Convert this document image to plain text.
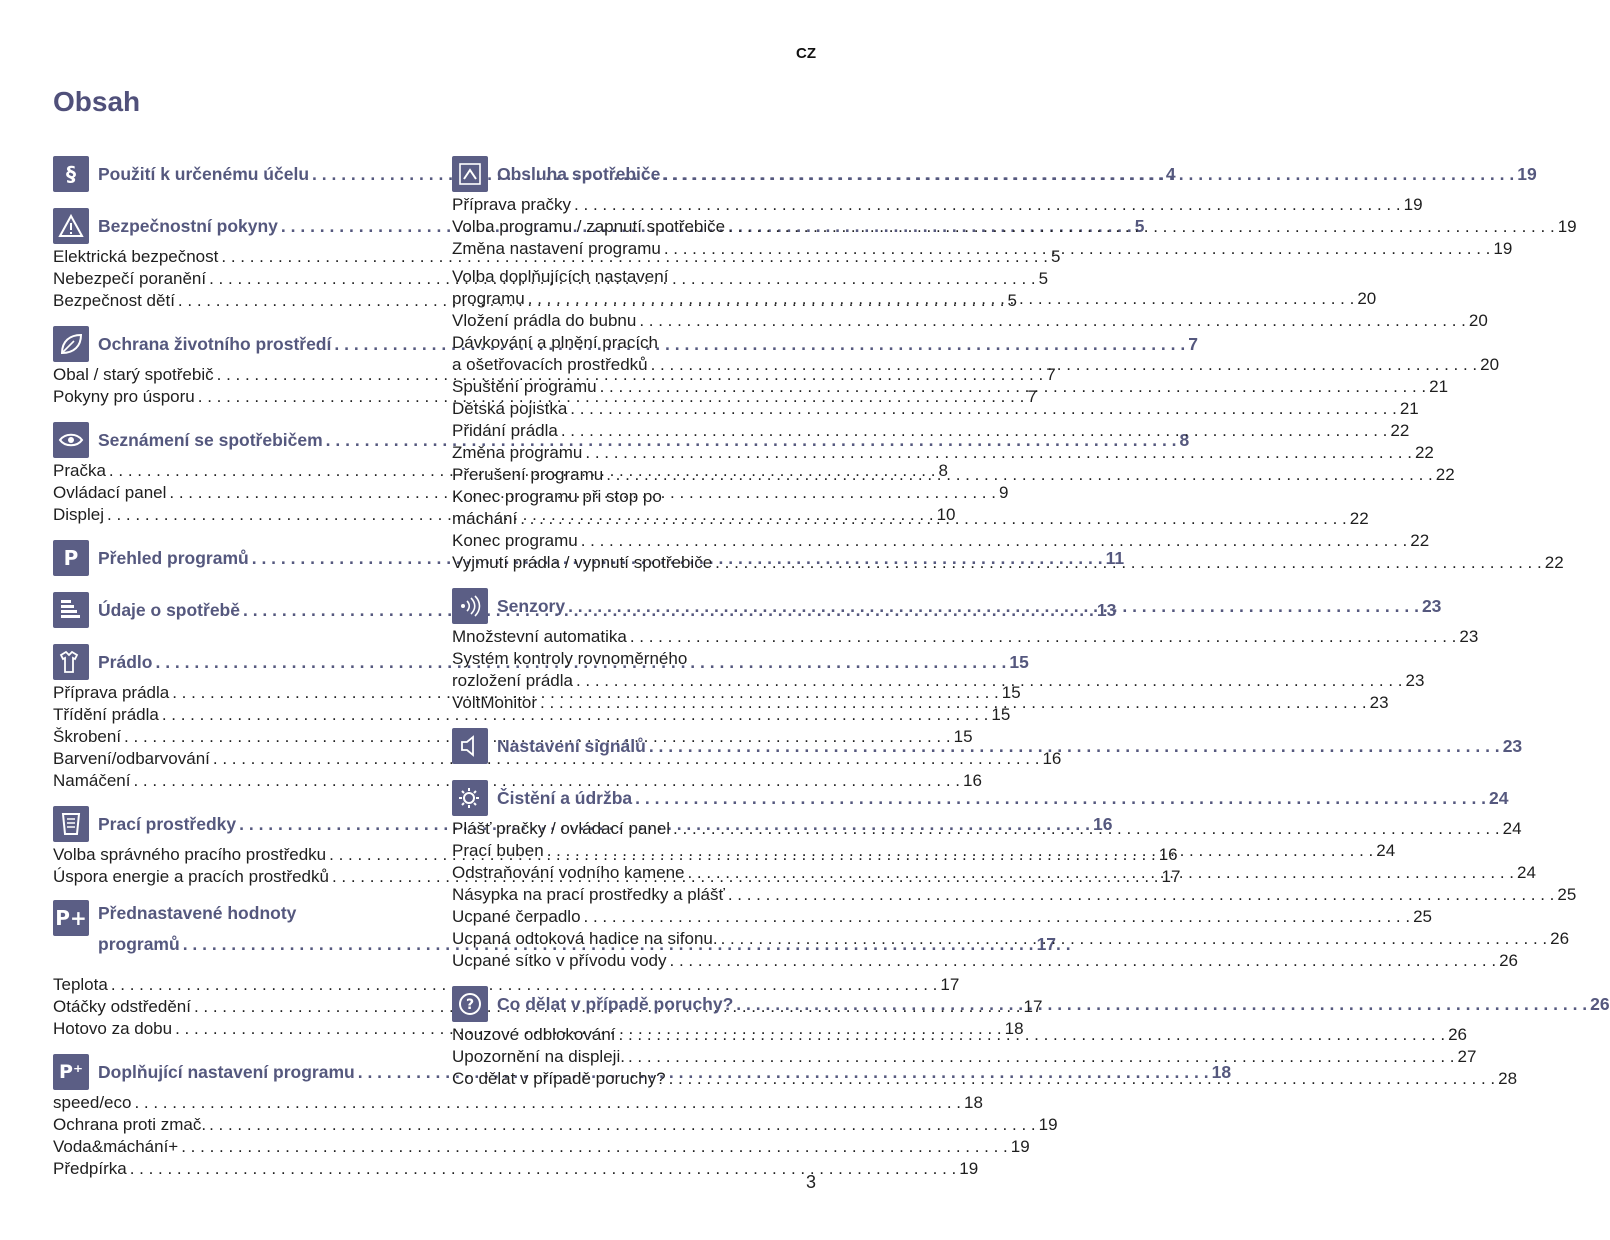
CZ
Obsah
§ Použití k určenému účelu . . .	4
Bezpečnostní pokyny . . .	5
Elektrická bezpečnost . . .	5
Nebezpečí poranění . . .	5
Bezpečnost dětí . . .	5
Ochrana životního prostředí . . .	7
Obal / starý spotřebič . . .	7
Pokyny pro úsporu . . .	7
Seznámení se spotřebičem . . .	8
Pračka . . .	8
Ovládací panel . . .	9
Displej . . .	10
P Přehled programů . . .	11
Údaje o spotřebě . . .	13
Prádlo . . .	15
Příprava prádla . . .	15
Třídění prádla . . .	15
Škrobení . . .	15
Barvení/odbarvování . . .	16
Namáčení . . .	16
Prací prostředky . . .	16
Volba správného pracího prostředku . . .	16
Úspora energie a pracích prostředků . . .	17
P+ Přednastavené hodnoty
programů . . .	17. .
Teplota . . .	17
Otáčky odstředění . . .	17
Hotovo za dobu . . .	18
P⁺ Doplňující nastavení programu . . .	18
speed/eco . . .	18
Ochrana proti zmač. . . .	19
Voda&máchání+ . . .	19
Předpírka . . .	19
Obsluha spotřebiče . . .	19
Příprava pračky . . .	19
Volba programu / zapnutí spotřebiče . . .	19
Změna nastavení programu . . .	19
Volba doplňujících nastavení
programu . . .	20
Vložení prádla do bubnu . . .	20
Dávkování a plnění pracích
a ošetřovacích prostředků . . .	20
Spuštění programu . . .	21
Dětská pojistka . . .	21
Přidání prádla . . .	22
Změna programu . . .	22
Přerušení programu . . .	22
Konec programu při stop po
máchání . . .	22
Konec programu . . .	22
Vyjmutí prádla / vypnutí spotřebiče . . .	22
Senzory . . .	23
Množstevní automatika . . .	23
Systém kontroly rovnoměrného
rozložení prádla . . .	23
VoltMonitor . . .	23
Nastavení signálů . . .	23
Čistění a údržba . . .	24
Plášť pračky / ovládací panel . . .	24
Prací buben . . .	24
Odstraňování vodního kamene . . .	24
Násypka na prací prostředky a plášť . . .	25
Ucpané čerpadlo . . .	25
Ucpaná odtoková hadice na sifonu. . . .	26
Ucpané sítko v přívodu vody . . .	26
? Co dělat v případě poruchy? . . .	26
Nouzové odblokování . . .	26
Upozornění na displeji. . . .	27
Co dělat v případě poruchy? . . .	28
3
